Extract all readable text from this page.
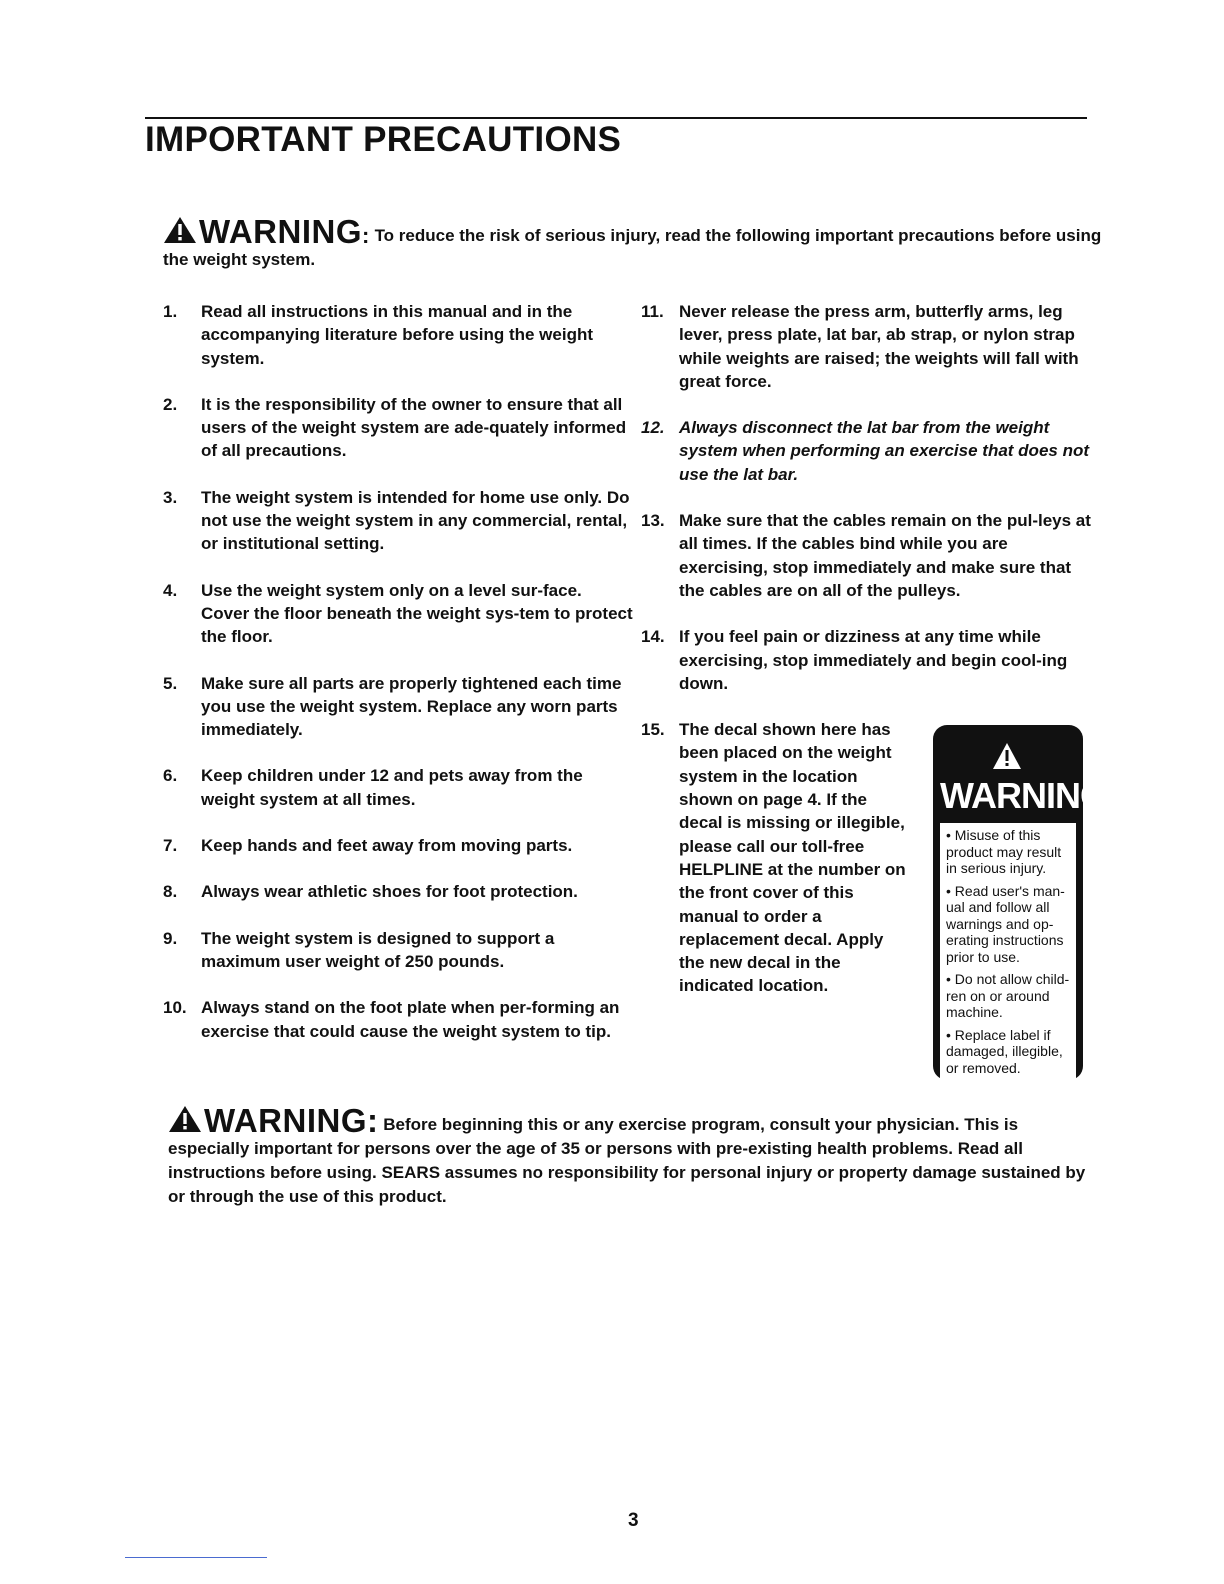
IMPORTANT PRECAUTIONS
WARNING: To reduce the risk of serious injury, read the following important precautions before using the weight system.
1. Read all instructions in this manual and in the accompanying literature before using the weight system.
2. It is the responsibility of the owner to ensure that all users of the weight system are ade-quately informed of all precautions.
3. The weight system is intended for home use only. Do not use the weight system in any commercial, rental, or institutional setting.
4. Use the weight system only on a level sur-face. Cover the floor beneath the weight sys-tem to protect the floor.
5. Make sure all parts are properly tightened each time you use the weight system. Replace any worn parts immediately.
6. Keep children under 12 and pets away from the weight system at all times.
7. Keep hands and feet away from moving parts.
8. Always wear athletic shoes for foot protection.
9. The weight system is designed to support a maximum user weight of 250 pounds.
10. Always stand on the foot plate when per-forming an exercise that could cause the weight system to tip.
11. Never release the press arm, butterfly arms, leg lever, press plate, lat bar, ab strap, or nylon strap while weights are raised; the weights will fall with great force.
12. Always disconnect the lat bar from the weight system when performing an exercise that does not use the lat bar.
13. Make sure that the cables remain on the pul-leys at all times. If the cables bind while you are exercising, stop immediately and make sure that the cables are on all of the pulleys.
14. If you feel pain or dizziness at any time while exercising, stop immediately and begin cool-ing down.
15. The decal shown here has been placed on the weight system in the location shown on page 4. If the decal is missing or illegible, please call our toll-free HELPLINE at the number on the front cover of this manual to order a replacement decal. Apply the new decal in the indicated location.
WARNING
• Misuse of this product may result in serious injury.
• Read user's man-ual and follow all warnings and op-erating instructions prior to use.
• Do not allow child-ren on or around machine.
• Replace label if damaged, illegible, or removed.
WARNING: Before beginning this or any exercise program, consult your physician. This is especially important for persons over the age of 35 or persons with pre-existing health problems. Read all instructions before using. SEARS assumes no responsibility for personal injury or property damage sustained by or through the use of this product.
3
